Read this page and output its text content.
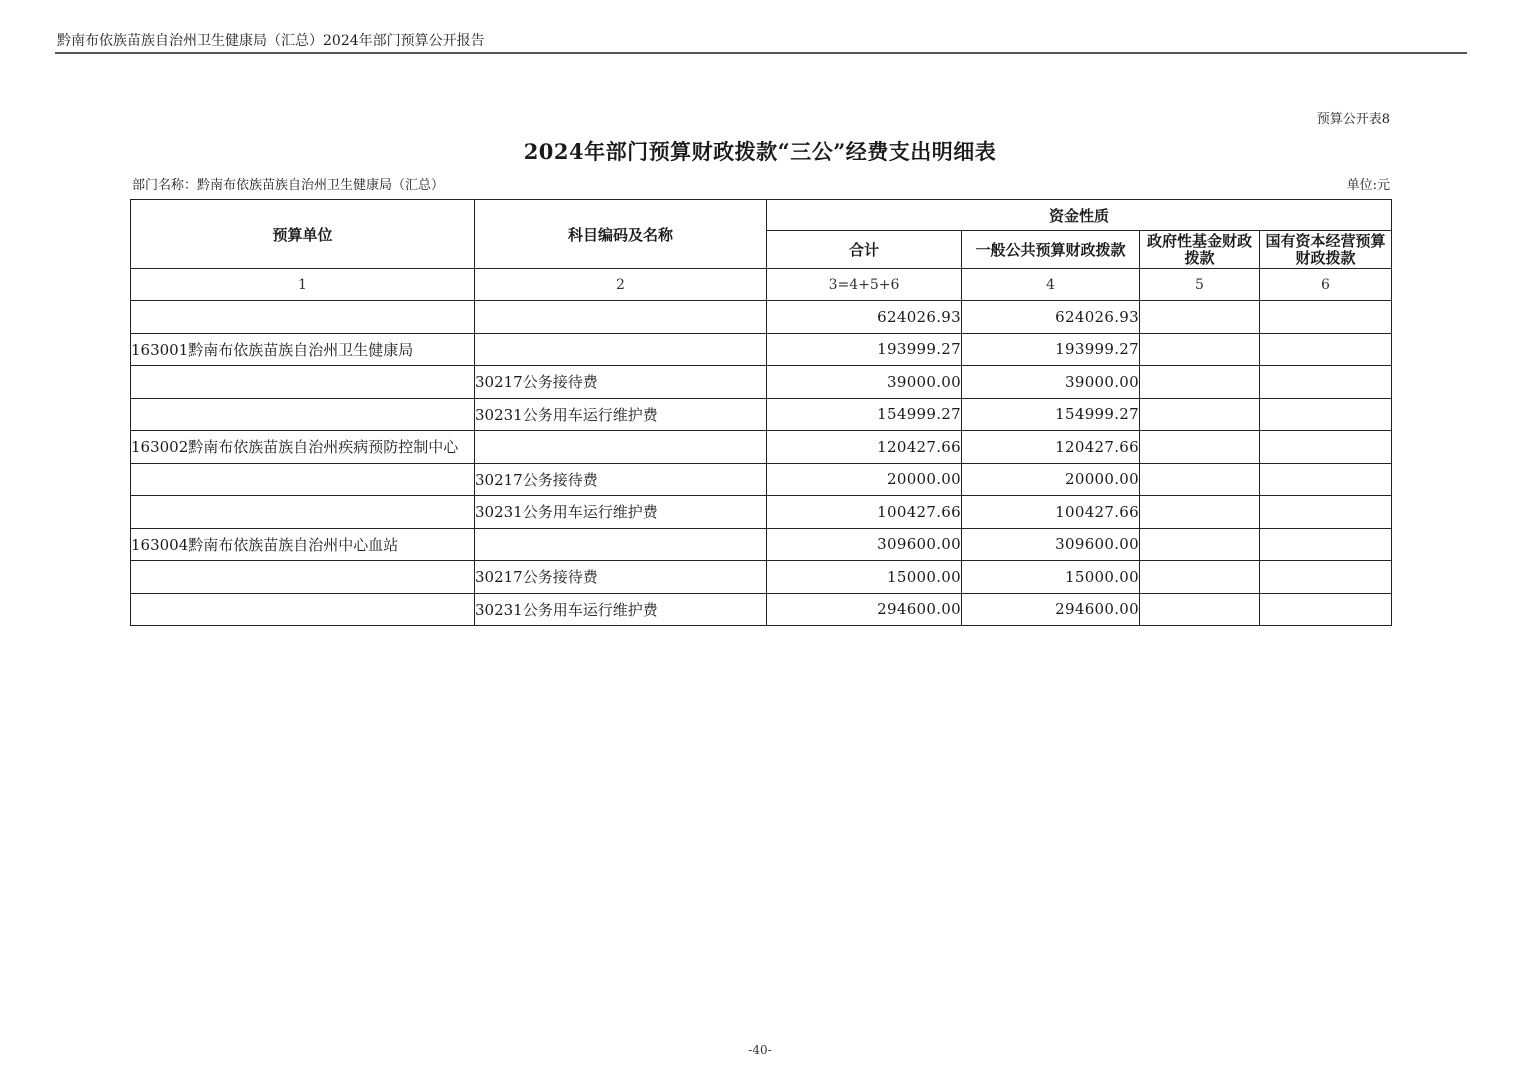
黔南布依族苗族自治州卫生健康局（汇总）2024年部门预算公开报告
预算公开表8
2024年部门预算财政拨款“三公”经费支出明细表
部门名称：黔南布依族苗族自治州卫生健康局（汇总）	单位:元
预算单位	科目编码及名称	资金性质			
		合计	一般公共预算财政拨款	政府性基金财政拨款	国有资本经营预算财政拨款
1	2	3=4+5+6	4	5	6
		624026.93	624026.93		
163001黔南布依族苗族自治州卫生健康局		193999.27	193999.27		
	30217公务接待费	39000.00	39000.00		
	30231公务用车运行维护费	154999.27	154999.27		
163002黔南布依族苗族自治州疾病预防控制中心		120427.66	120427.66		
	30217公务接待费	20000.00	20000.00		
	30231公务用车运行维护费	100427.66	100427.66		
163004黔南布依族苗族自治州中心血站		309600.00	309600.00		
	30217公务接待费	15000.00	15000.00		
	30231公务用车运行维护费	294600.00	294600.00		
-40-
